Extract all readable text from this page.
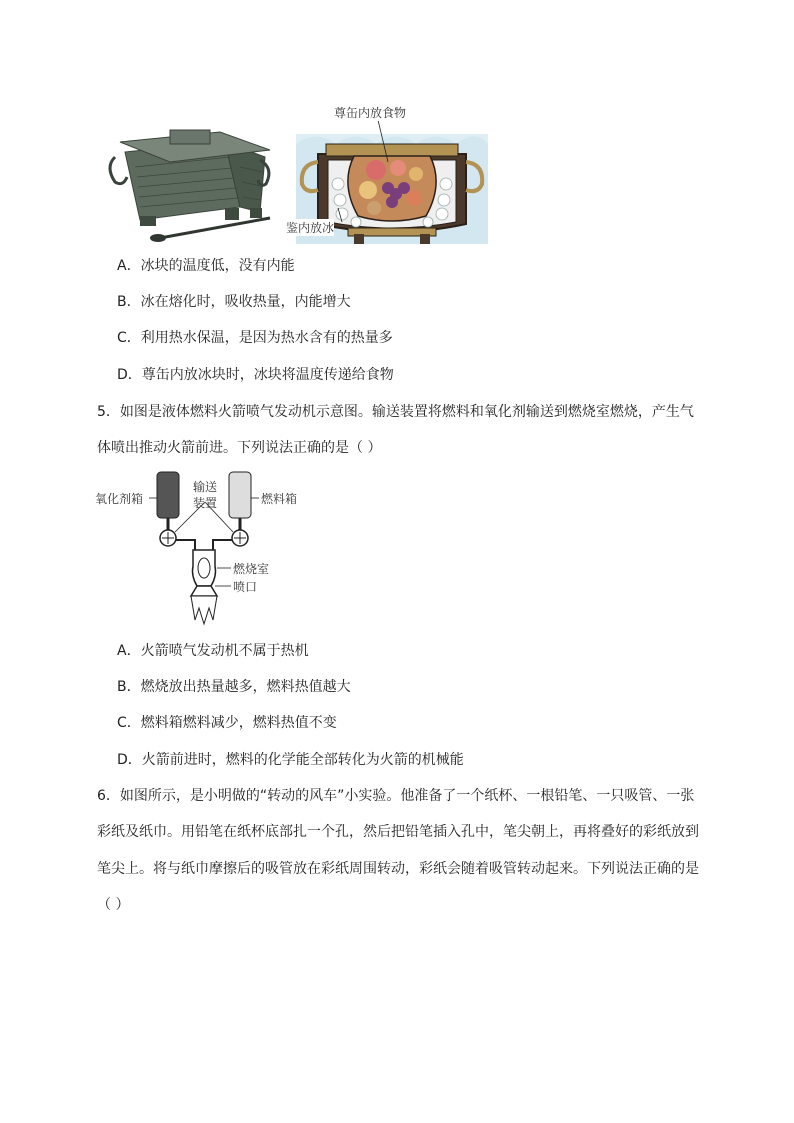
尊缶内放食物
鉴内放冰
A．冰块的温度低，没有内能
B．冰在熔化时，吸收热量，内能增大
C．利用热水保温，是因为热水含有的热量多
D．尊缶内放冰块时，冰块将温度传递给食物
5．如图是液体燃料火箭喷气发动机示意图。输送装置将燃料和氧化剂输送到燃烧室燃烧，产生气
体喷出推动火箭前进。下列说法正确的是（ ）
氧化剂箱
输送
装置	燃料箱
燃烧室
喷口
A．火箭喷气发动机不属于热机
B．燃烧放出热量越多，燃料热值越大
C．燃料箱燃料减少，燃料热值不变
D．火箭前进时，燃料的化学能全部转化为火箭的机械能
6．如图所示，是小明做的“转动的风车”小实验。他准备了一个纸杯、一根铅笔、一只吸管、一张
彩纸及纸巾。用铅笔在纸杯底部扎一个孔，然后把铅笔插入孔中，笔尖朝上，再将叠好的彩纸放到
笔尖上。将与纸巾摩擦后的吸管放在彩纸周围转动，彩纸会随着吸管转动起来。下列说法正确的是
（ ）
